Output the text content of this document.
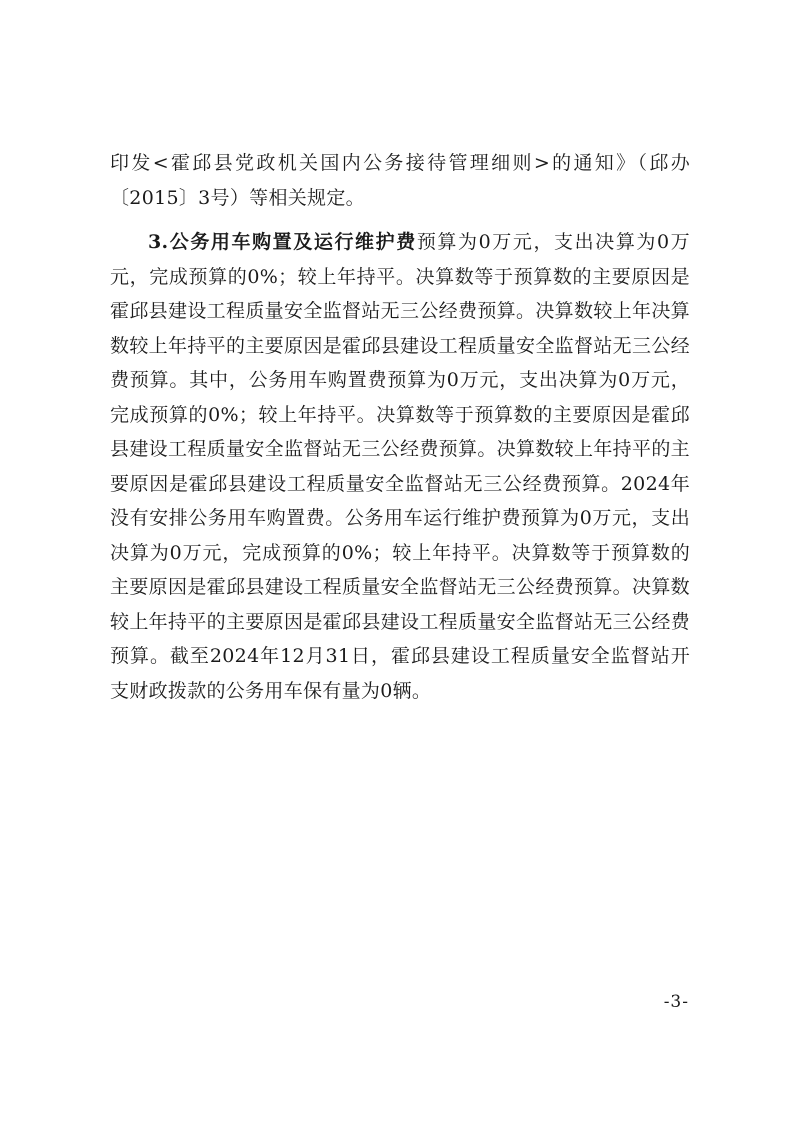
印发<霍邱县党政机关国内公务接待管理细则>的通知》（邱办〔2015〕3号）等相关规定。

3.公务用车购置及运行维护费预算为0万元，支出决算为0万元，完成预算的0%；较上年持平。决算数等于预算数的主要原因是霍邱县建设工程质量安全监督站无三公经费预算。决算数较上年决算数较上年持平的主要原因是霍邱县建设工程质量安全监督站无三公经费预算。其中，公务用车购置费预算为0万元，支出决算为0万元，完成预算的0%；较上年持平。决算数等于预算数的主要原因是霍邱县建设工程质量安全监督站无三公经费预算。决算数较上年持平的主要原因是霍邱县建设工程质量安全监督站无三公经费预算。2024年没有安排公务用车购置费。公务用车运行维护费预算为0万元，支出决算为0万元，完成预算的0%；较上年持平。决算数等于预算数的主要原因是霍邱县建设工程质量安全监督站无三公经费预算。决算数较上年持平的主要原因是霍邱县建设工程质量安全监督站无三公经费预算。截至2024年12月31日，霍邱县建设工程质量安全监督站开支财政拨款的公务用车保有量为0辆。

-3-
